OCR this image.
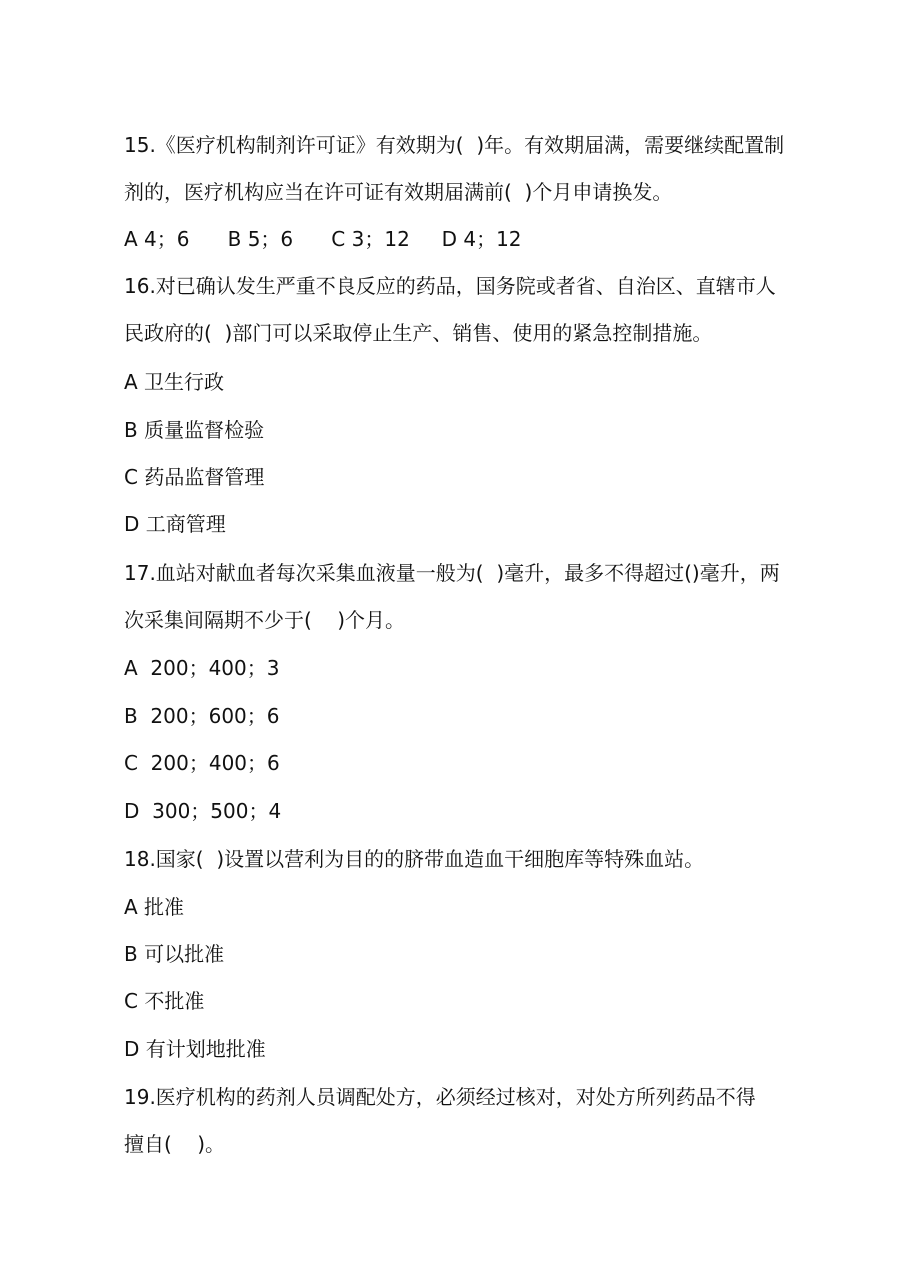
15.《医疗机构制剂许可证》有效期为(  )年。有效期届满，需要继续配置制
剂的，医疗机构应当在许可证有效期届满前(  )个月申请换发。
A 4；6      B 5；6      C 3；12     D 4；12
16.对已确认发生严重不良反应的药品，国务院或者省、自治区、直辖市人
民政府的(  )部门可以采取停止生产、销售、使用的紧急控制措施。
A 卫生行政
B 质量监督检验
C 药品监督管理
D 工商管理
17.血站对献血者每次采集血液量一般为(  )毫升，最多不得超过()毫升，两
次采集间隔期不少于(    )个月。
A  200；400；3
B  200；600；6
C  200；400；6
D  300；500；4
18.国家(  )设置以营利为目的的脐带血造血干细胞库等特殊血站。
A 批准
B 可以批准
C 不批准
D 有计划地批准
19.医疗机构的药剂人员调配处方，必须经过核对，对处方所列药品不得
擅自(    )。
